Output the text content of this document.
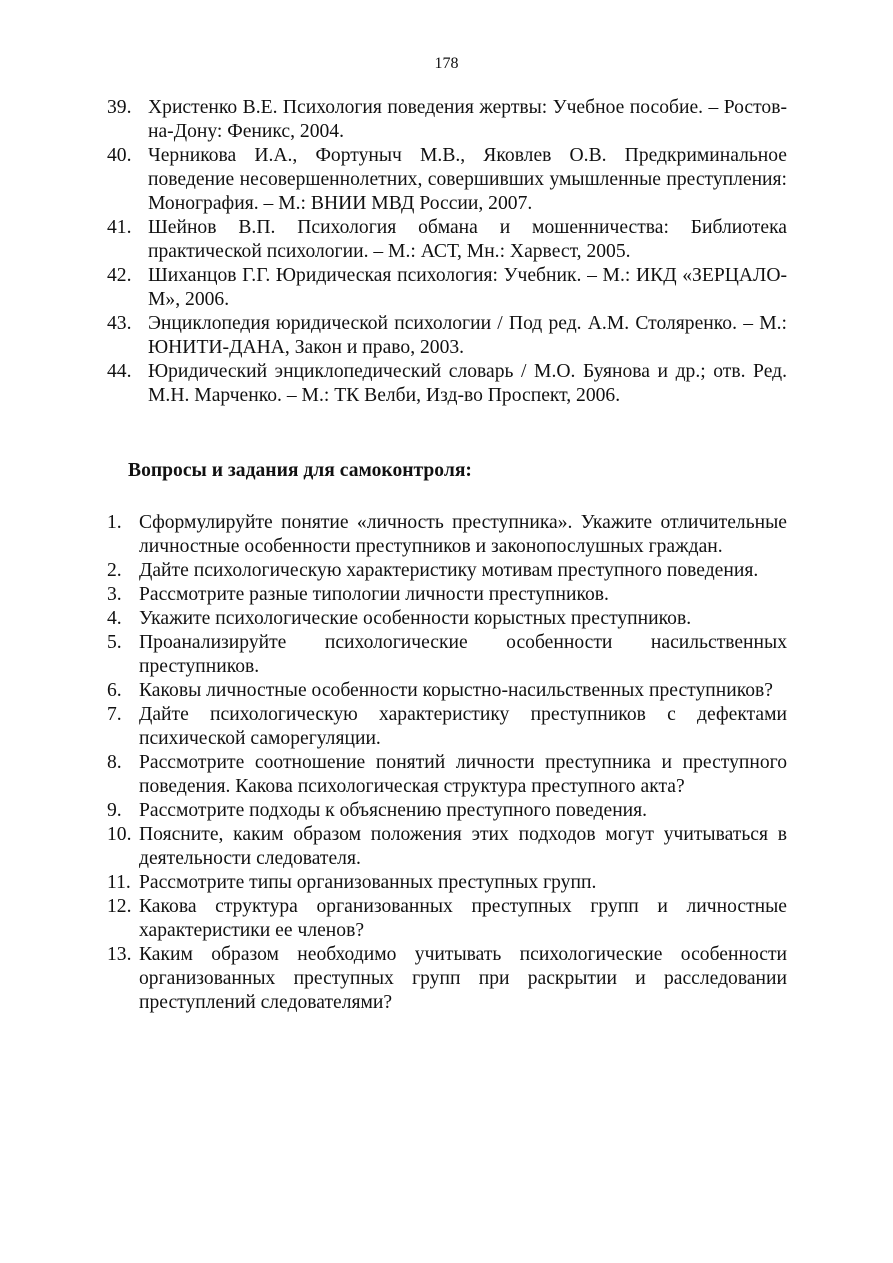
178
39. Христенко В.Е. Психология поведения жертвы: Учебное пособие. – Ростов-на-Дону: Феникс, 2004.
40. Черникова И.А., Фортуныч М.В., Яковлев О.В. Предкриминальное поведение несовершеннолетних, совершивших умышленные преступления: Монография. – М.: ВНИИ МВД России, 2007.
41. Шейнов В.П. Психология обмана и мошенничества: Библиотека практической психологии. – М.: АСТ, Мн.: Харвест, 2005.
42. Шиханцов Г.Г. Юридическая психология: Учебник. – М.: ИКД «ЗЕРЦАЛО-М», 2006.
43. Энциклопедия юридической психологии / Под ред. А.М. Столяренко. – М.: ЮНИТИ-ДАНА, Закон и право, 2003.
44. Юридический энциклопедический словарь / М.О. Буянова и др.; отв. Ред. М.Н. Марченко. – М.: ТК Велби, Изд-во Проспект, 2006.
Вопросы и задания для самоконтроля:
1. Сформулируйте понятие «личность преступника». Укажите отличительные личностные особенности преступников и законопослушных граждан.
2. Дайте психологическую характеристику мотивам преступного поведения.
3. Рассмотрите разные типологии личности преступников.
4. Укажите психологические особенности корыстных преступников.
5. Проанализируйте психологические особенности насильственных преступников.
6. Каковы личностные особенности корыстно-насильственных преступников?
7. Дайте психологическую характеристику преступников с дефектами психической саморегуляции.
8. Рассмотрите соотношение понятий личности преступника и преступного поведения. Какова психологическая структура преступного акта?
9. Рассмотрите подходы к объяснению преступного поведения.
10. Поясните, каким образом положения этих подходов могут учитываться в деятельности следователя.
11. Рассмотрите типы организованных преступных групп.
12. Какова структура организованных преступных групп и личностные характеристики ее членов?
13. Каким образом необходимо учитывать психологические особенности организованных преступных групп при раскрытии и расследовании преступлений следователями?
